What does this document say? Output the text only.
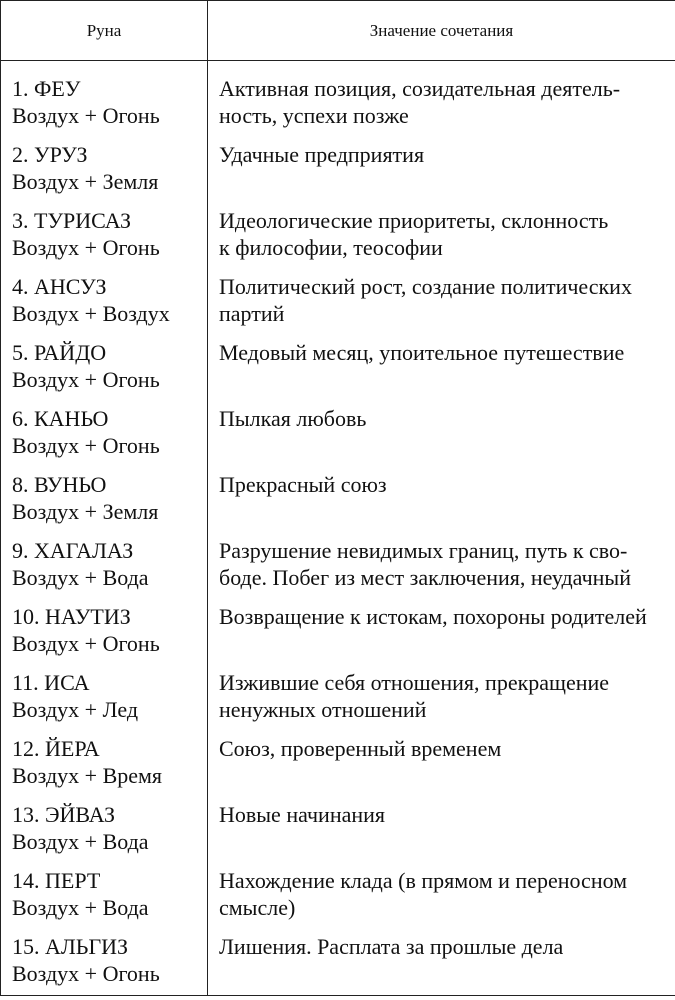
Руна	Значение сочетания

1. ФЕУ
Воздух + Огонь	Активная позиция, созидательная деятель-
ность, успехи позже

2. УРУЗ
Воздух + Земля	Удачные предприятия

3. ТУРИСАЗ
Воздух + Огонь	Идеологические приоритеты, склонность
к философии, теософии

4. АНСУЗ
Воздух + Воздух	Политический рост, создание политических
партий

5. РАЙДО
Воздух + Огонь	Медовый месяц, упоительное путешествие

6. КАНЬО
Воздух + Огонь	Пылкая любовь

8. ВУНЬО
Воздух + Земля	Прекрасный союз

9. ХАГАЛАЗ
Воздух + Вода	Разрушение невидимых границ, путь к сво-
боде. Побег из мест заключения, неудачный

10. НАУТИЗ
Воздух + Огонь	Возвращение к истокам, похороны родителей

11. ИСА
Воздух + Лед	Изжившие себя отношения, прекращение
ненужных отношений

12. ЙЕРА
Воздух + Время	Союз, проверенный временем

13. ЭЙВАЗ
Воздух + Вода	Новые начинания

14. ПЕРТ
Воздух + Вода	Нахождение клада (в прямом и переносном
смысле)

15. АЛЬГИЗ
Воздух + Огонь	Лишения. Расплата за прошлые дела
